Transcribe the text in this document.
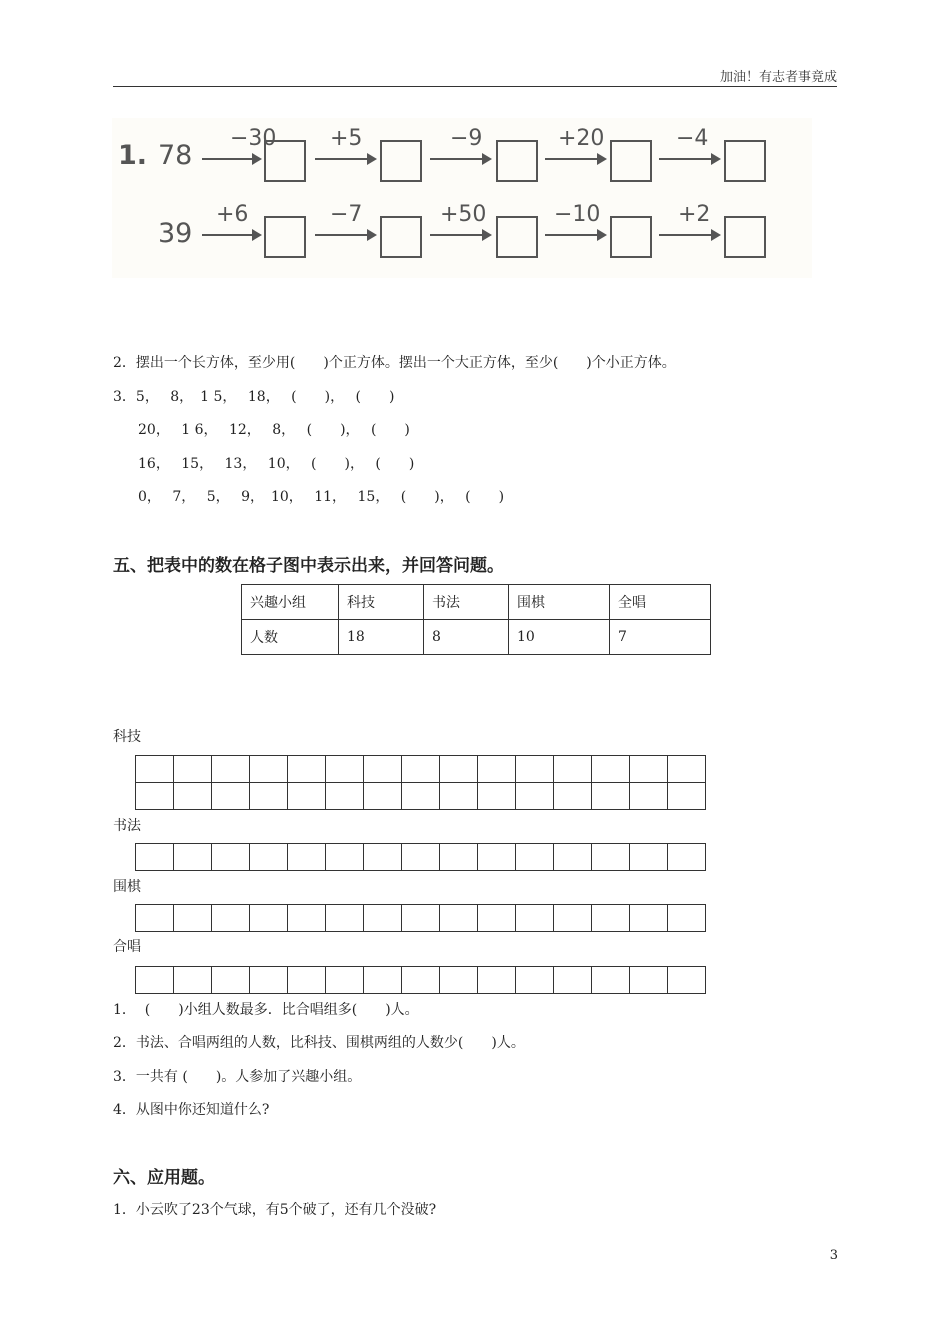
加油！有志者事竟成
1. 78
−30 +5	−9	+20	−4
39
+6	−7	+50	−10	+2
2．摆出一个长方体，至少用(　　)个正方体。摆出一个大正方体，至少(　　)个小正方体。
3．5，　 8，　1 5，　 18，　 (　　)，　 (　　)
20，　 1 6，　 12，　 8，　 (　　)，　 (　　)
16，　 15，　 13，　 10，　 (　　)，　 (　　)
0，　 7，　 5，　 9，　10，　 11，　 15，　 (　　)，　 (　　)
五、把表中的数在格子图中表示出来，并回答问题。
兴趣小组	科技	书法	围棋	全唱
人数	18	8	10	7
科技
书法
围棋
合唱
1．  (　　)小组人数最多．比合唱组多(　　)人。
2．书法、合唱两组的人数，比科技、围棋两组的人数少(　　)人。
3．一共有 (　　)。人参加了兴趣小组。
4．从图中你还知道什么?
六、应用题。
1．小云吹了23个气球，有5个破了，还有几个没破?
3
